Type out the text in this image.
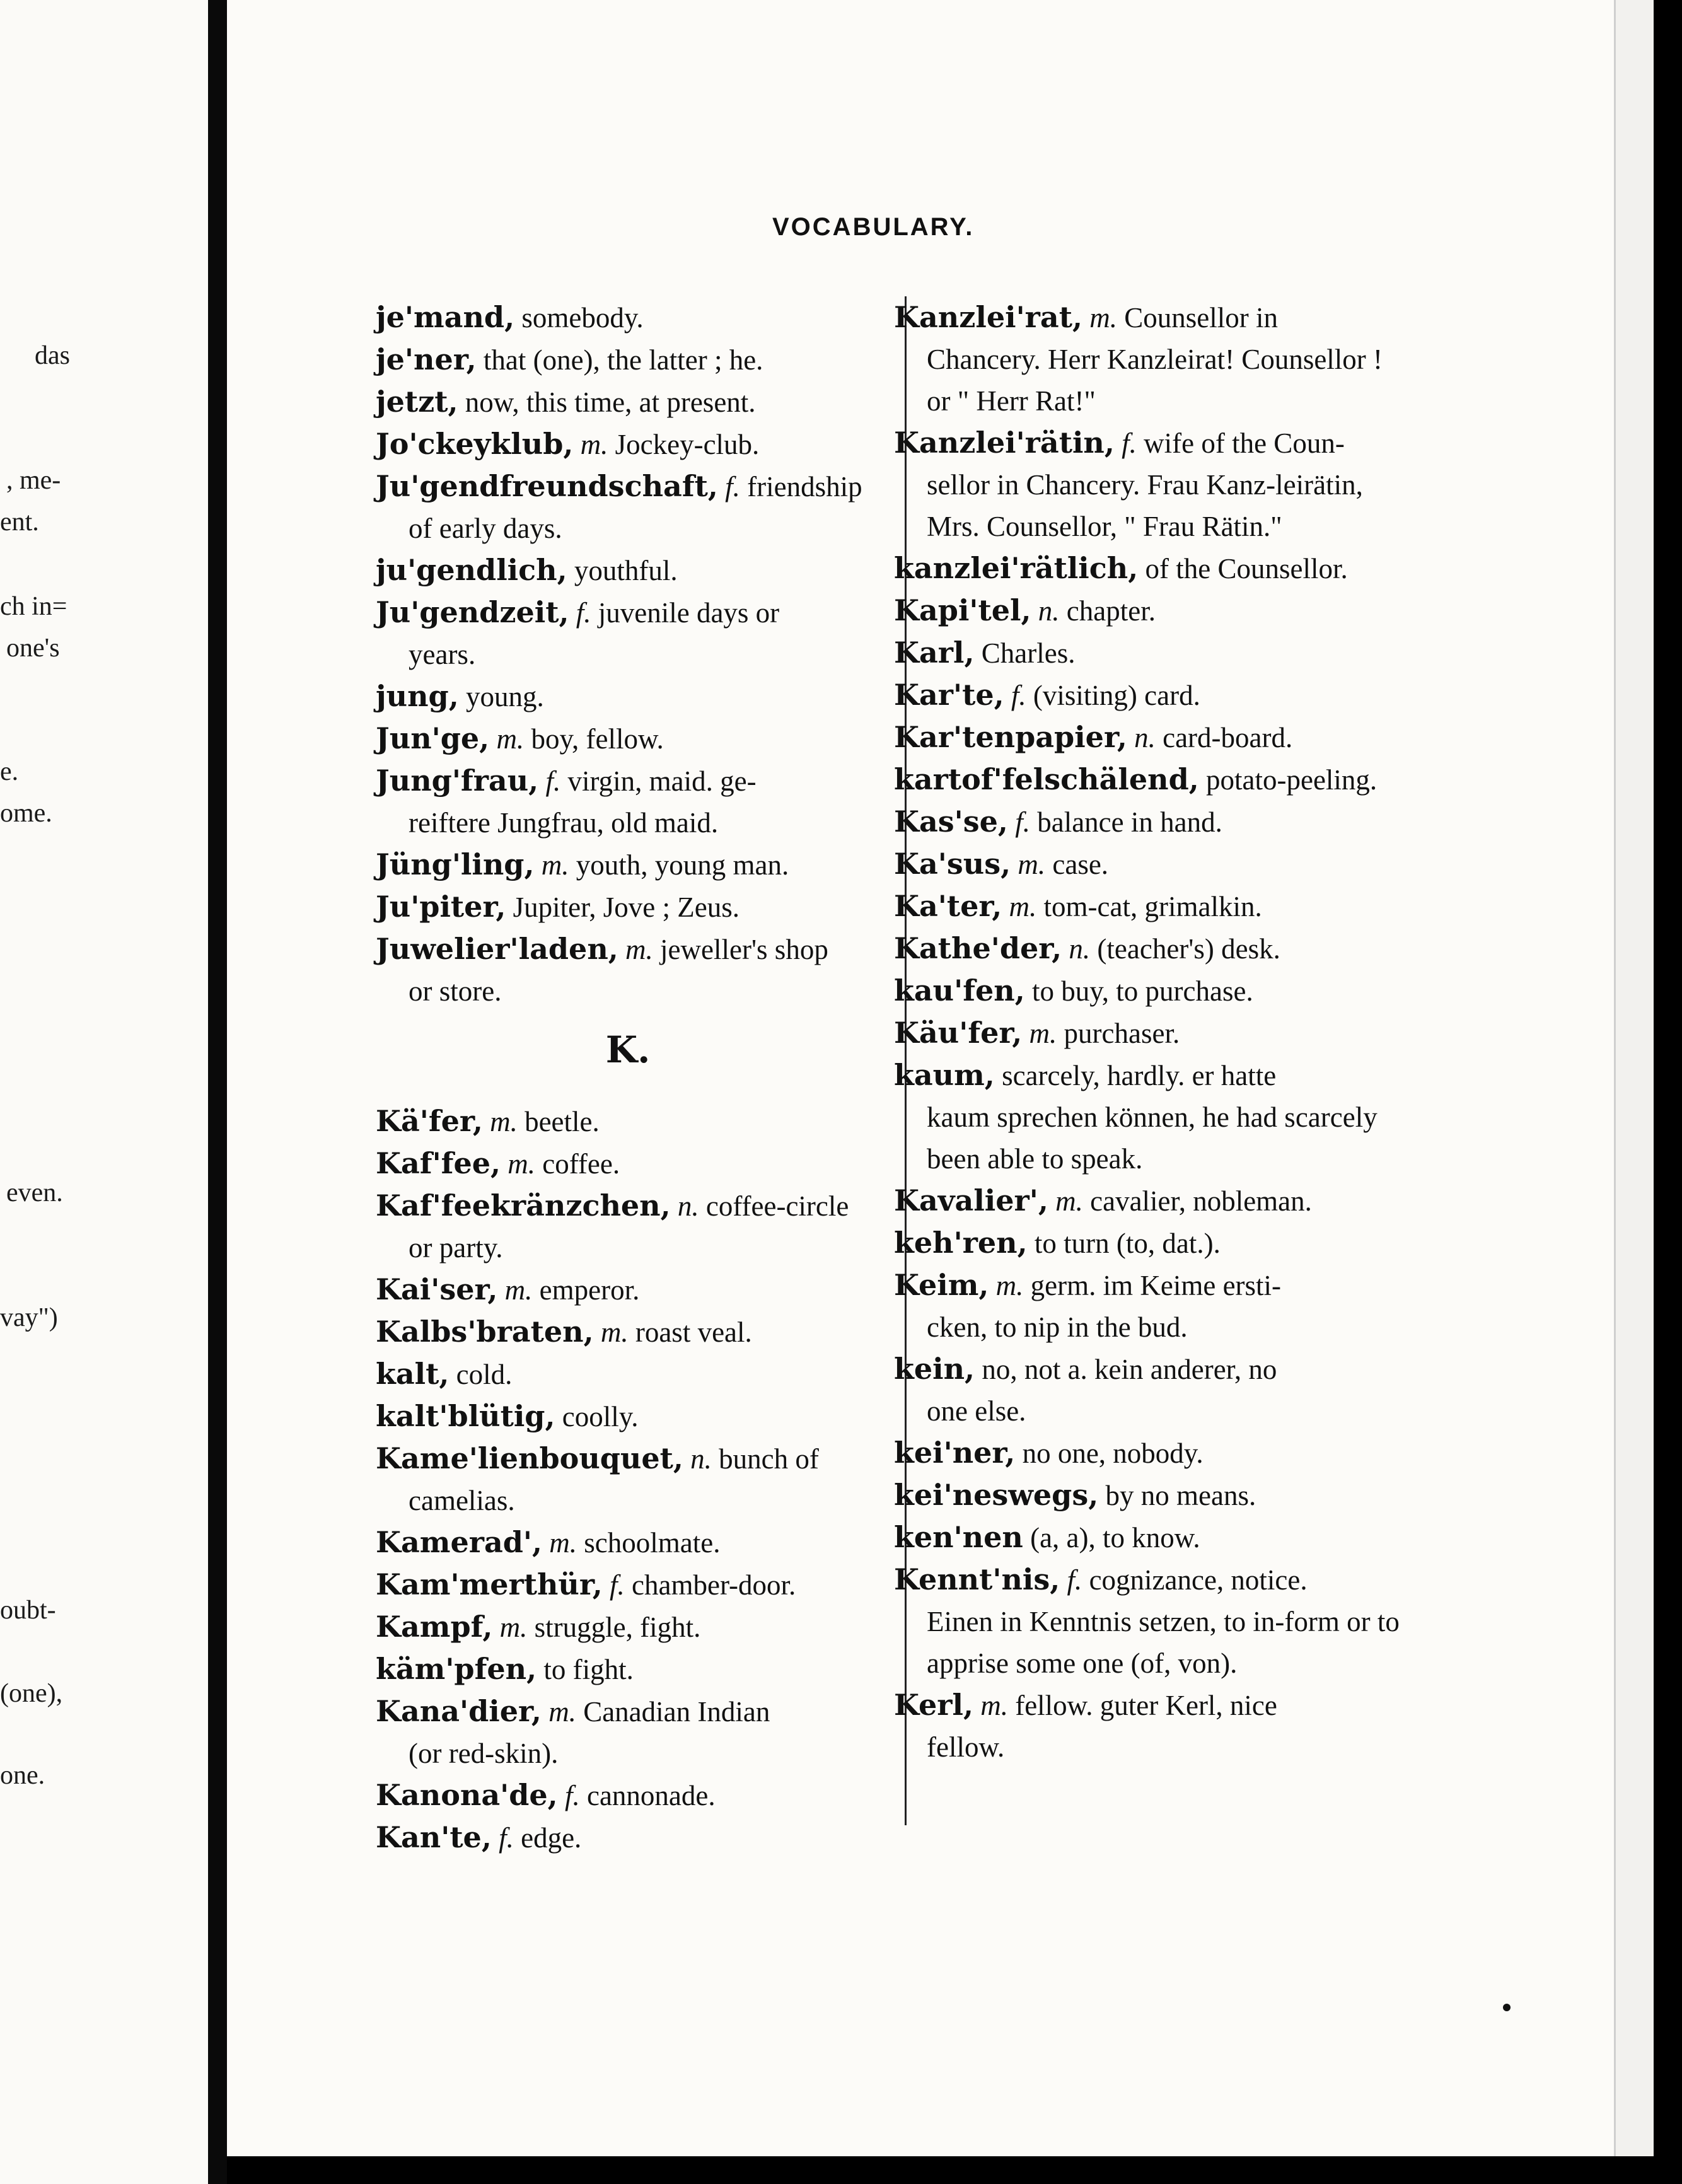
das
, me-
ent.
ch in=
one's
e.
ome.
even.
vay")
oubt-
(one),
one.
VOCABULARY.
je'mand, somebody.
je'ner, that (one), the latter ; he.
jetzt, now, this time, at present.
Jo'ckeyklub, m. Jockey-club.
Ju'gendfreundschaft, f. friendship
of early days.
ju'gendlich, youthful.
Ju'gendzeit, f. juvenile days or
years.
jung, young.
Jun'ge, m. boy, fellow.
Jung'frau, f. virgin, maid. ge-
reiftere Jungfrau, old maid.
Jüng'ling, m. youth, young man.
Ju'piter, Jupiter, Jove ; Zeus.
Juwelier'laden, m. jeweller's shop
or store.
K.
Kä'fer, m. beetle.
Kaf'fee, m. coffee.
Kaf'feekränzchen, n. coffee-circle
or party.
Kai'ser, m. emperor.
Kalbs'braten, m. roast veal.
kalt, cold.
kalt'blütig, coolly.
Kame'lienbouquet, n. bunch of
camelias.
Kamerad', m. schoolmate.
Kam'merthür, f. chamber-door.
Kampf, m. struggle, fight.
käm'pfen, to fight.
Kana'dier, m. Canadian Indian
(or red-skin).
Kanona'de, f. cannonade.
Kan'te, f. edge.
Kanzlei'rat, m. Counsellor in
Chancery. Herr Kanzleirat! Counsellor ! or " Herr Rat!"
Kanzlei'rätin, f. wife of the Coun-
sellor in Chancery. Frau Kanz-leirätin, Mrs. Counsellor, " Frau Rätin."
kanzlei'rätlich, of the Counsellor.
Kapi'tel, n. chapter.
Karl, Charles.
Kar'te, f. (visiting) card.
Kar'tenpapier, n. card-board.
kartof'felschälend, potato-peeling.
Kas'se, f. balance in hand.
Ka'sus, m. case.
Ka'ter, m. tom-cat, grimalkin.
Kathe'der, n. (teacher's) desk.
kau'fen, to buy, to purchase.
Käu'fer, m. purchaser.
kaum, scarcely, hardly. er hatte
kaum sprechen können, he had scarcely been able to speak.
Kavalier', m. cavalier, nobleman.
keh'ren, to turn (to, dat.).
Keim, m. germ. im Keime ersti-
cken, to nip in the bud.
kein, no, not a. kein anderer, no
one else.
kei'ner, no one, nobody.
kei'neswegs, by no means.
ken'nen (a, a), to know.
Kennt'nis, f. cognizance, notice.
Einen in Kenntnis setzen, to in-form or to apprise some one (of, von).
Kerl, m. fellow. guter Kerl, nice
fellow.
